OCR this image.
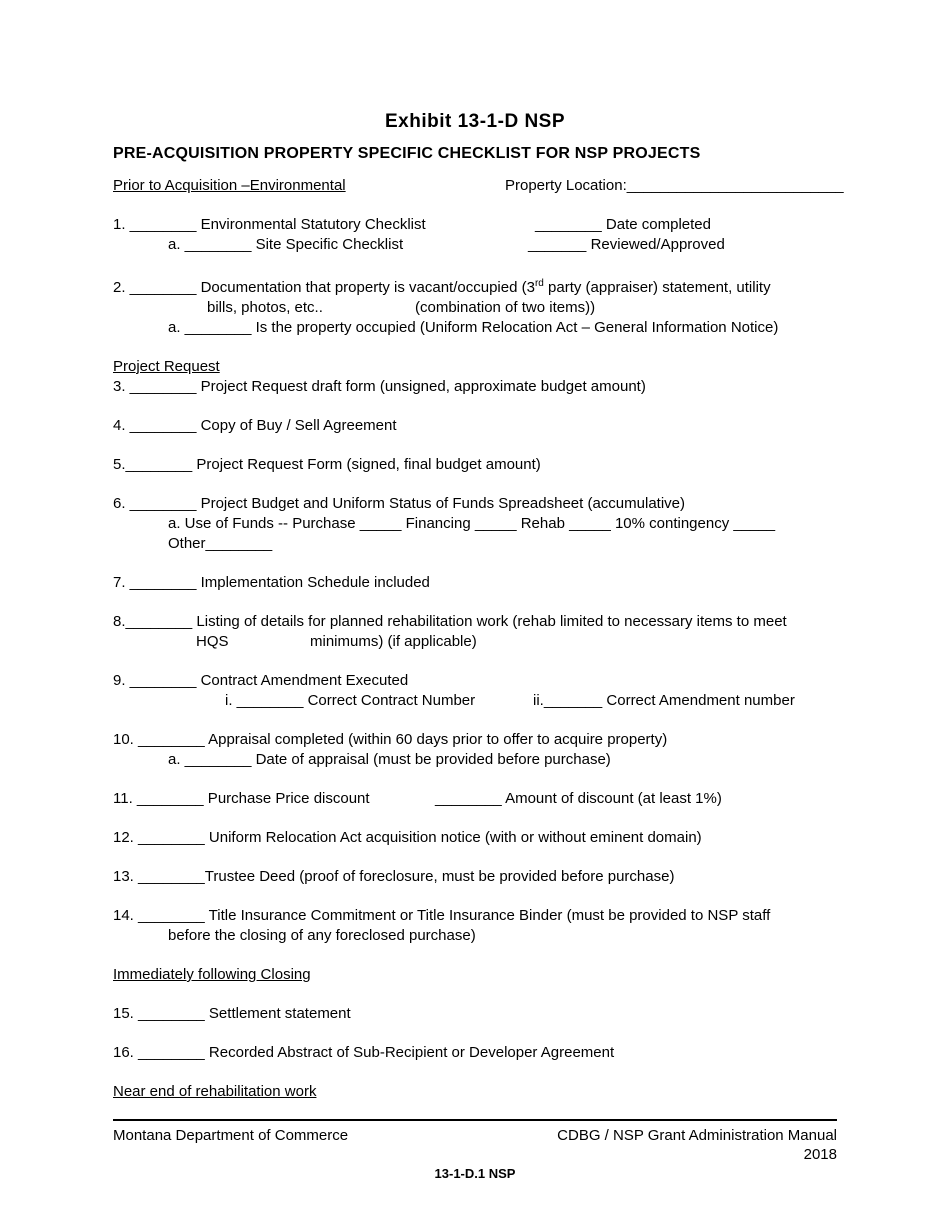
Exhibit 13-1-D NSP
PRE-ACQUISITION PROPERTY SPECIFIC CHECKLIST FOR NSP PROJECTS
Prior to Acquisition –Environmental	Property Location:__________________________
1. ________ Environmental Statutory Checklist	________ Date completed
a. ________ Site Specific Checklist	_______ Reviewed/Approved
2. ________ Documentation that property is vacant/occupied (3rd party (appraiser) statement, utility
bills, photos, etc..	(combination of two items))
a. ________ Is the property occupied (Uniform Relocation Act – General Information Notice)
Project Request
3. ________ Project Request draft form (unsigned, approximate budget amount)
4. ________ Copy of Buy / Sell Agreement
5.________ Project Request Form (signed, final budget amount)
6. ________ Project Budget and Uniform Status of Funds Spreadsheet (accumulative)
a. Use of Funds -- Purchase _____ Financing _____ Rehab _____ 10% contingency _____
Other________
7. ________ Implementation Schedule included
8.________ Listing of details for planned rehabilitation work (rehab limited to necessary items to meet
HQS	minimums) (if applicable)
9. ________ Contract Amendment Executed
i. ________ Correct Contract Number	ii._______ Correct Amendment number
10. ________ Appraisal completed (within 60 days prior to offer to acquire property)
a. ________ Date of appraisal (must be provided before purchase)
11. ________ Purchase Price discount	________ Amount of discount (at least 1%)
12. ________ Uniform Relocation Act acquisition notice (with or without eminent domain)
13. ________Trustee Deed (proof of foreclosure, must be provided before purchase)
14. ________ Title Insurance Commitment or Title Insurance Binder (must be provided to NSP staff
before the closing of any foreclosed purchase)
Immediately following Closing
15. ________ Settlement statement
16. ________ Recorded Abstract of Sub-Recipient or Developer Agreement
Near end of rehabilitation work
Montana Department of Commerce	CDBG / NSP Grant Administration Manual
2018
13-1-D.1 NSP
